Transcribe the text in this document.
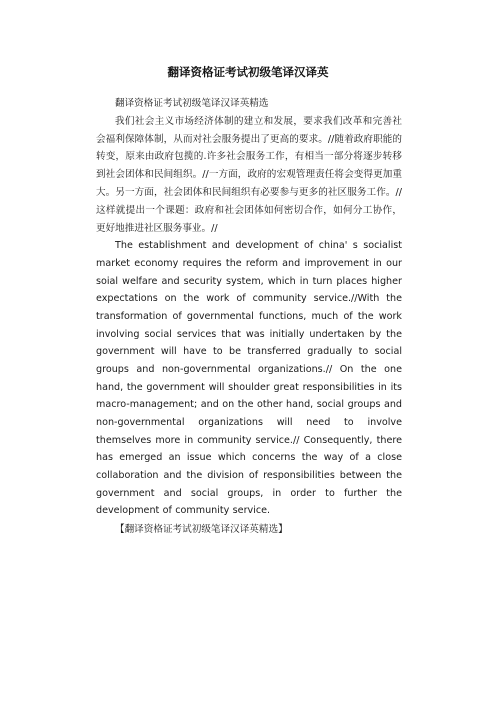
翻译资格证考试初级笔译汉译英

翻译资格证考试初级笔译汉译英精选

我们社会主义市场经济体制的建立和发展，要求我们改革和完善社会福利保障体制，从而对社会服务提出了更高的要求。//随着政府职能的转变，原来由政府包揽的.许多社会服务工作，有相当一部分将逐步转移到社会团体和民间组织。//一方面，政府的宏观管理责任将会变得更加重大。另一方面，社会团体和民间组织有必要参与更多的社区服务工作。//这样就提出一个课题：政府和社会团体如何密切合作，如何分工协作，更好地推进社区服务事业。//

The establishment and development of china' s socialist market economy requires the reform and improvement in our soial welfare and security system, which in turn places higher expectations on the work of community service.//With the transformation of governmental functions, much of the work involving social services that was initially undertaken by the government will have to be transferred gradually to social groups and non-governmental organizations.// On the one hand, the government will shoulder great responsibilities in its macro-management; and on the other hand, social groups and non-governmental organizations will need to involve themselves more in community service.// Consequently, there has emerged an issue which concerns the way of a close collaboration and the division of responsibilities between the government and social groups, in order to further the development of community service.

【翻译资格证考试初级笔译汉译英精选】
